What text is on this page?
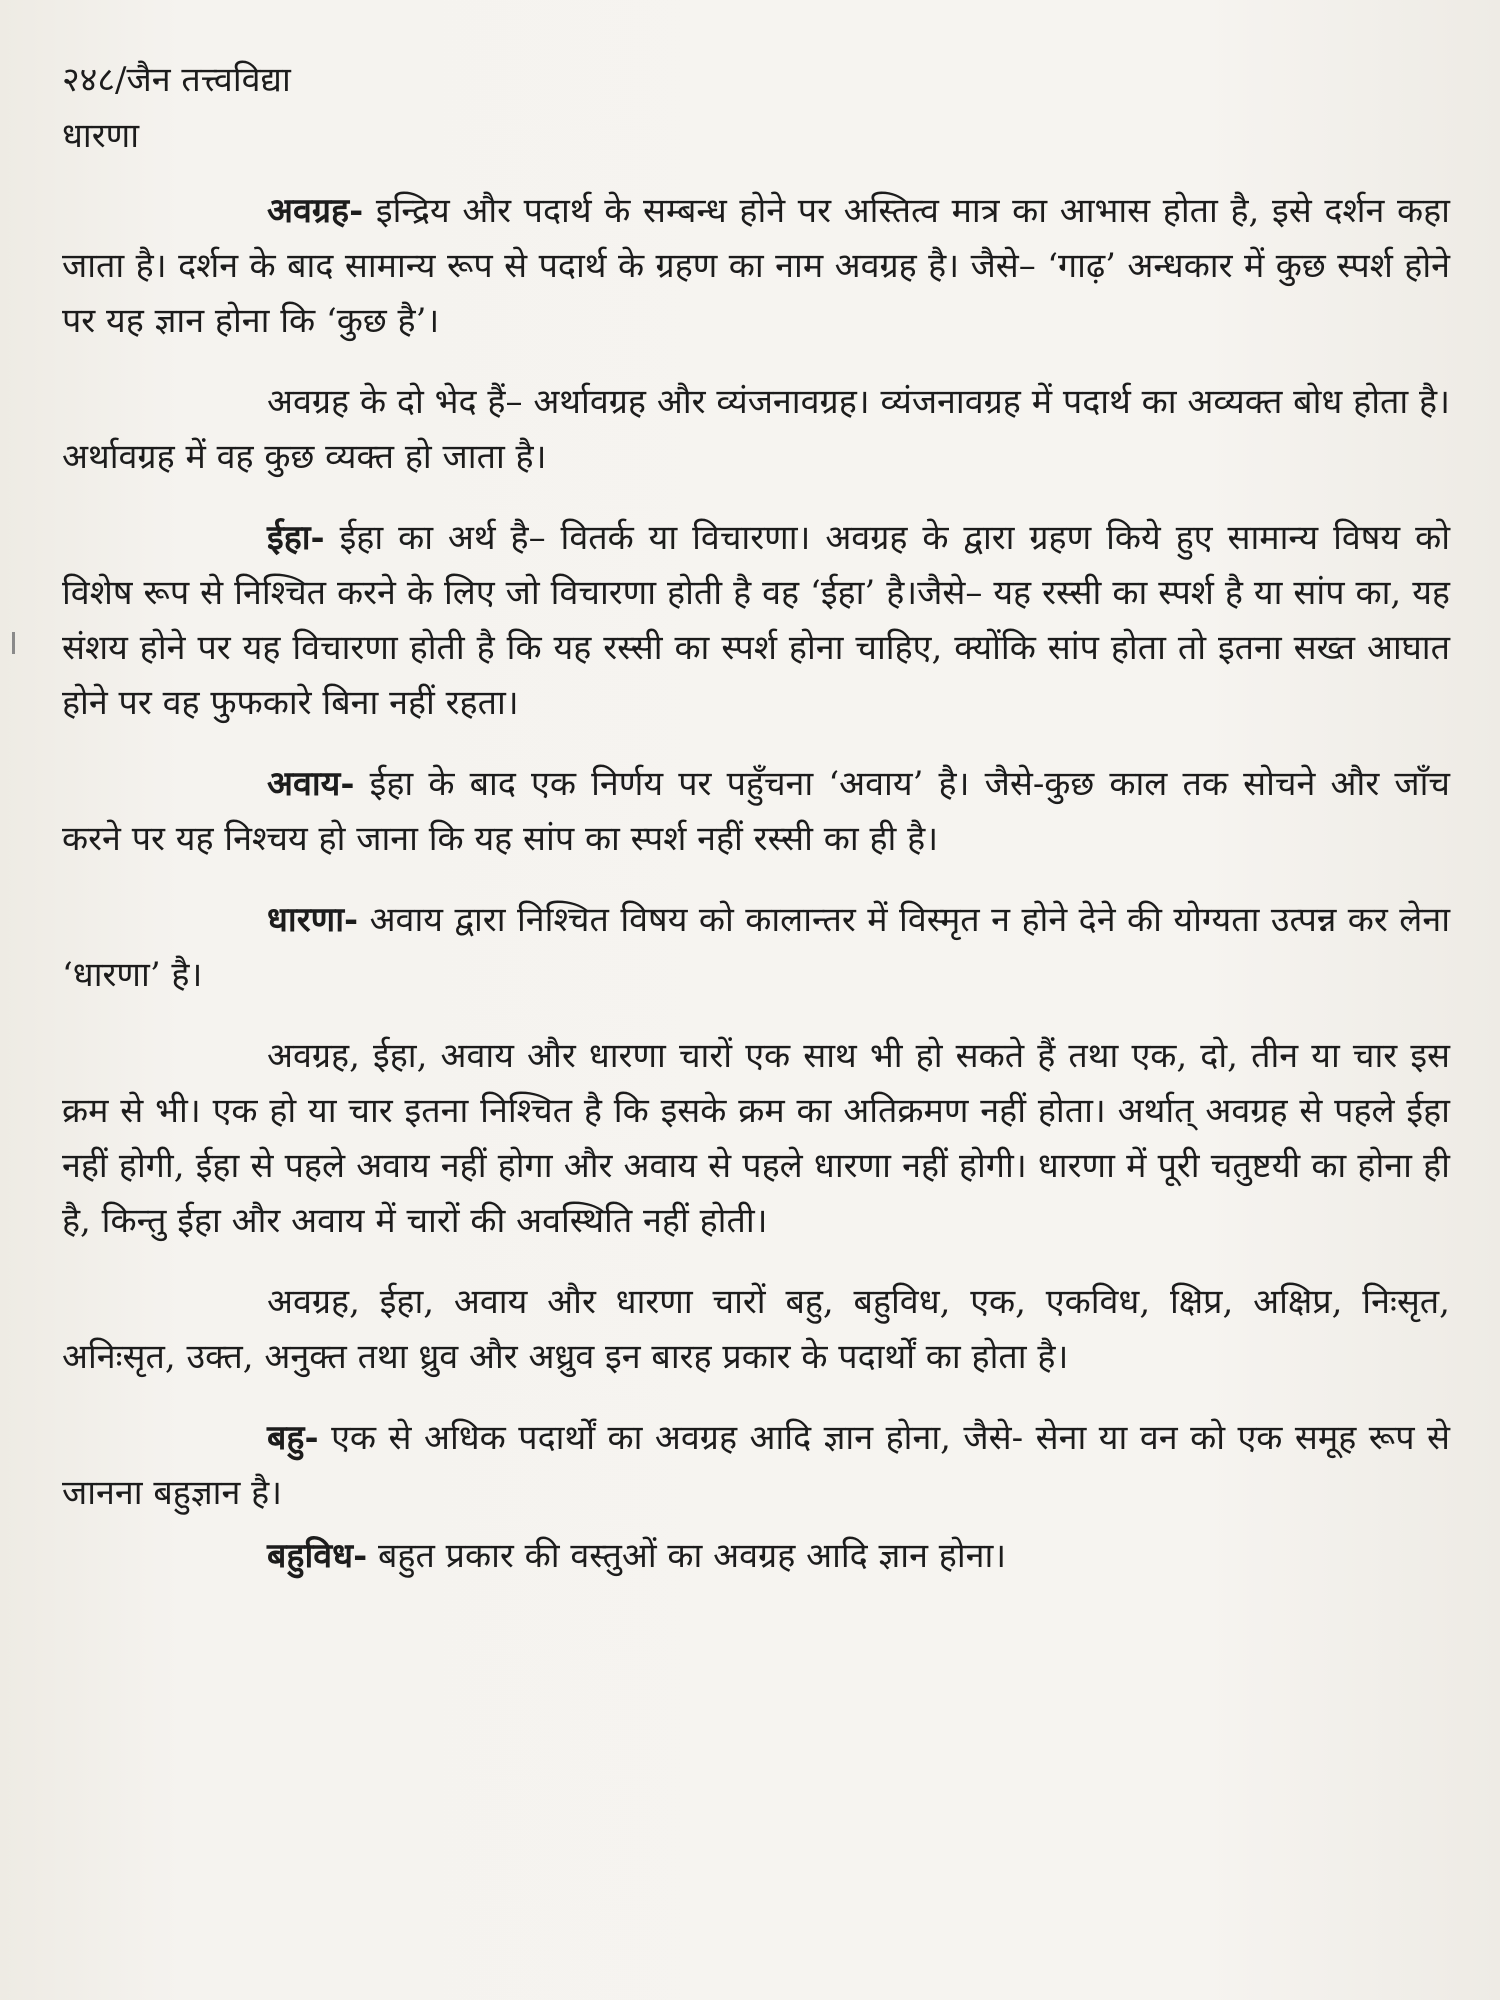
२४८/जैन तत्त्वविद्या

धारणा

अवग्रह- इन्द्रिय और पदार्थ के सम्बन्ध होने पर अस्तित्व मात्र का आभास होता है, इसे दर्शन कहा जाता है। दर्शन के बाद सामान्य रूप से पदार्थ के ग्रहण का नाम अवग्रह है। जैसे– ‘गाढ़’ अन्धकार में कुछ स्पर्श होने पर यह ज्ञान होना कि ‘कुछ है’।

अवग्रह के दो भेद हैं– अर्थावग्रह और व्यंजनावग्रह। व्यंजनावग्रह में पदार्थ का अव्यक्त बोध होता है। अर्थावग्रह में वह कुछ व्यक्त हो जाता है।

ईहा- ईहा का अर्थ है– वितर्क या विचारणा। अवग्रह के द्वारा ग्रहण किये हुए सामान्य विषय को विशेष रूप से निश्चित करने के लिए जो विचारणा होती है वह ‘ईहा’ है।जैसे– यह रस्सी का स्पर्श है या सांप का, यह संशय होने पर यह विचारणा होती है कि यह रस्सी का स्पर्श होना चाहिए, क्योंकि सांप होता तो इतना सख्त आघात होने पर वह फुफकारे बिना नहीं रहता।

अवाय- ईहा के बाद एक निर्णय पर पहुँचना ‘अवाय’ है। जैसे-कुछ काल तक सोचने और जाँच करने पर यह निश्चय हो जाना कि यह सांप का स्पर्श नहीं रस्सी का ही है।

धारणा- अवाय द्वारा निश्चित विषय को कालान्तर में विस्मृत न होने देने की योग्यता उत्पन्न कर लेना ‘धारणा’ है।

अवग्रह, ईहा, अवाय और धारणा चारों एक साथ भी हो सकते हैं तथा एक, दो, तीन या चार इस क्रम से भी। एक हो या चार इतना निश्चित है कि इसके क्रम का अतिक्रमण नहीं होता। अर्थात् अवग्रह से पहले ईहा नहीं होगी, ईहा से पहले अवाय नहीं होगा और अवाय से पहले धारणा नहीं होगी। धारणा में पूरी चतुष्टयी का होना ही है, किन्तु ईहा और अवाय में चारों की अवस्थिति नहीं होती।

अवग्रह, ईहा, अवाय और धारणा चारों बहु, बहुविध, एक, एकविध, क्षिप्र, अक्षिप्र, निःसृत, अनिःसृत, उक्त, अनुक्त तथा ध्रुव और अध्रुव इन बारह प्रकार के पदार्थों का होता है।

बहु- एक से अधिक पदार्थों का अवग्रह आदि ज्ञान होना, जैसे- सेना या वन को एक समूह रूप से जानना बहुज्ञान है।

बहुविध- बहुत प्रकार की वस्तुओं का अवग्रह आदि ज्ञान होना।
